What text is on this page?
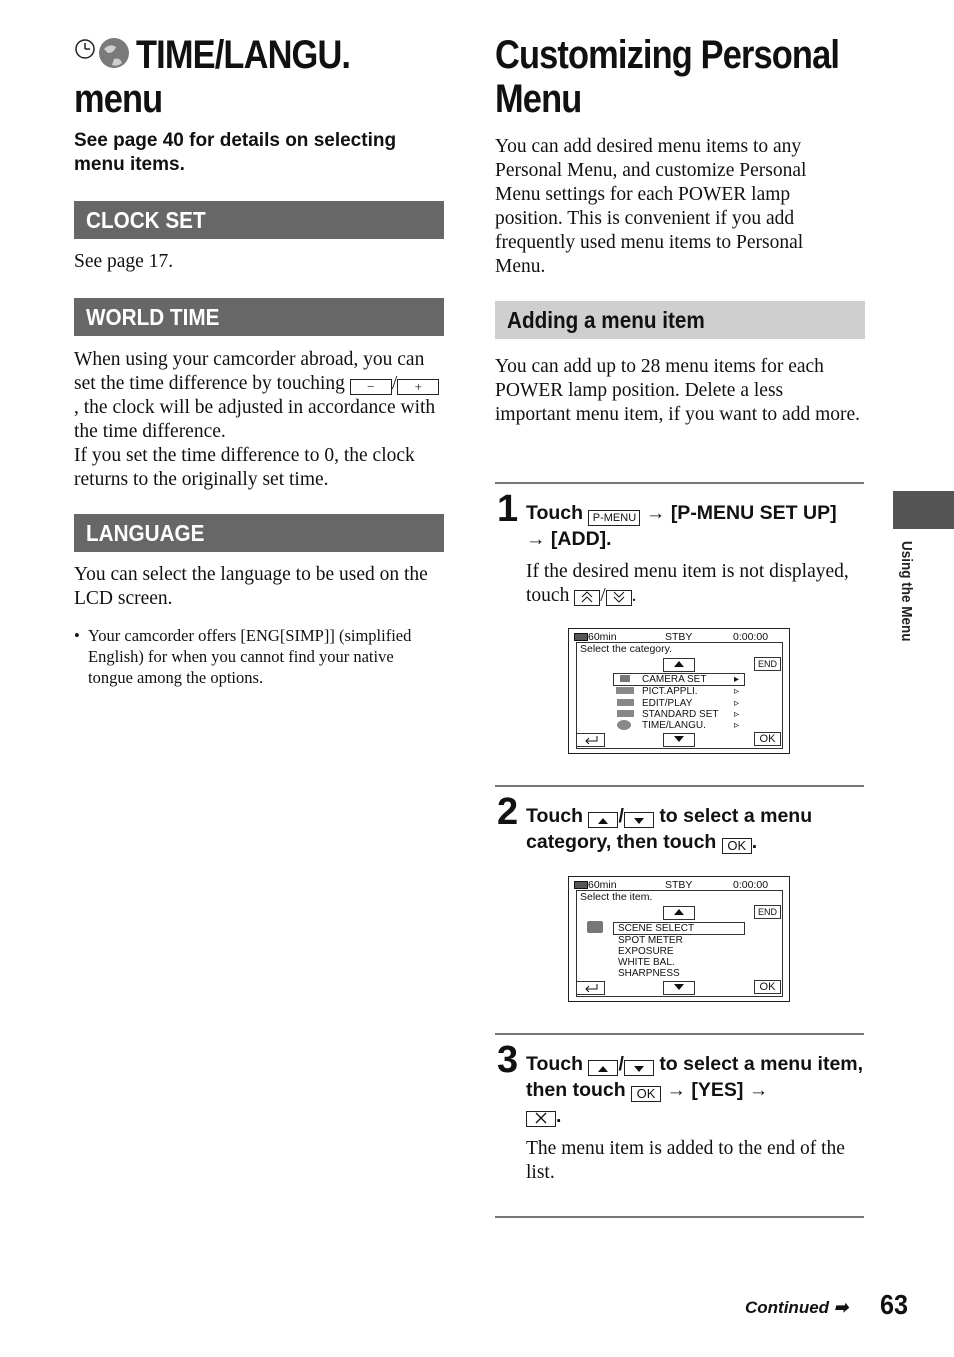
TIME/LANGU.
menu
See page 40 for details on selecting menu items.
CLOCK SET
See page 17.
WORLD TIME
When using your camcorder abroad, you can set the time difference by touching − / +, the clock will be adjusted in accordance with the time difference.
If you set the time difference to 0, the clock returns to the originally set time.
LANGUAGE
You can select the language to be used on the LCD screen.
• Your camcorder offers [ENG[SIMP]] (simplified English) for when you cannot find your native tongue among the options.
Customizing Personal
Menu
You can add desired menu items to any Personal Menu, and customize Personal Menu settings for each POWER lamp position. This is convenient if you add frequently used menu items to Personal Menu.
Adding a menu item
You can add up to 28 menu items for each POWER lamp position. Delete a less important menu item, if you want to add more.
1 Touch P-MENU → [P-MENU SET UP]
→ [ADD].
If the desired menu item is not displayed, touch / .
60min	STBY	0:00:00
Select the category.
END
CAMERA SET	▸
PICT.APPLI.	▹
EDIT/PLAY	▹
STANDARD SET ▹
TIME/LANGU.	▹
OK
2 Touch / to select a menu category, then touch OK .
60min	STBY	0:00:00
Select the item.
END
SCENE SELECT
SPOT METER
EXPOSURE
WHITE BAL.
SHARPNESS
OK
3 Touch / to select a menu item, then touch OK → [YES] →
.
The menu item is added to the end of the list.
Using the Menu
Continued ➡ 63
